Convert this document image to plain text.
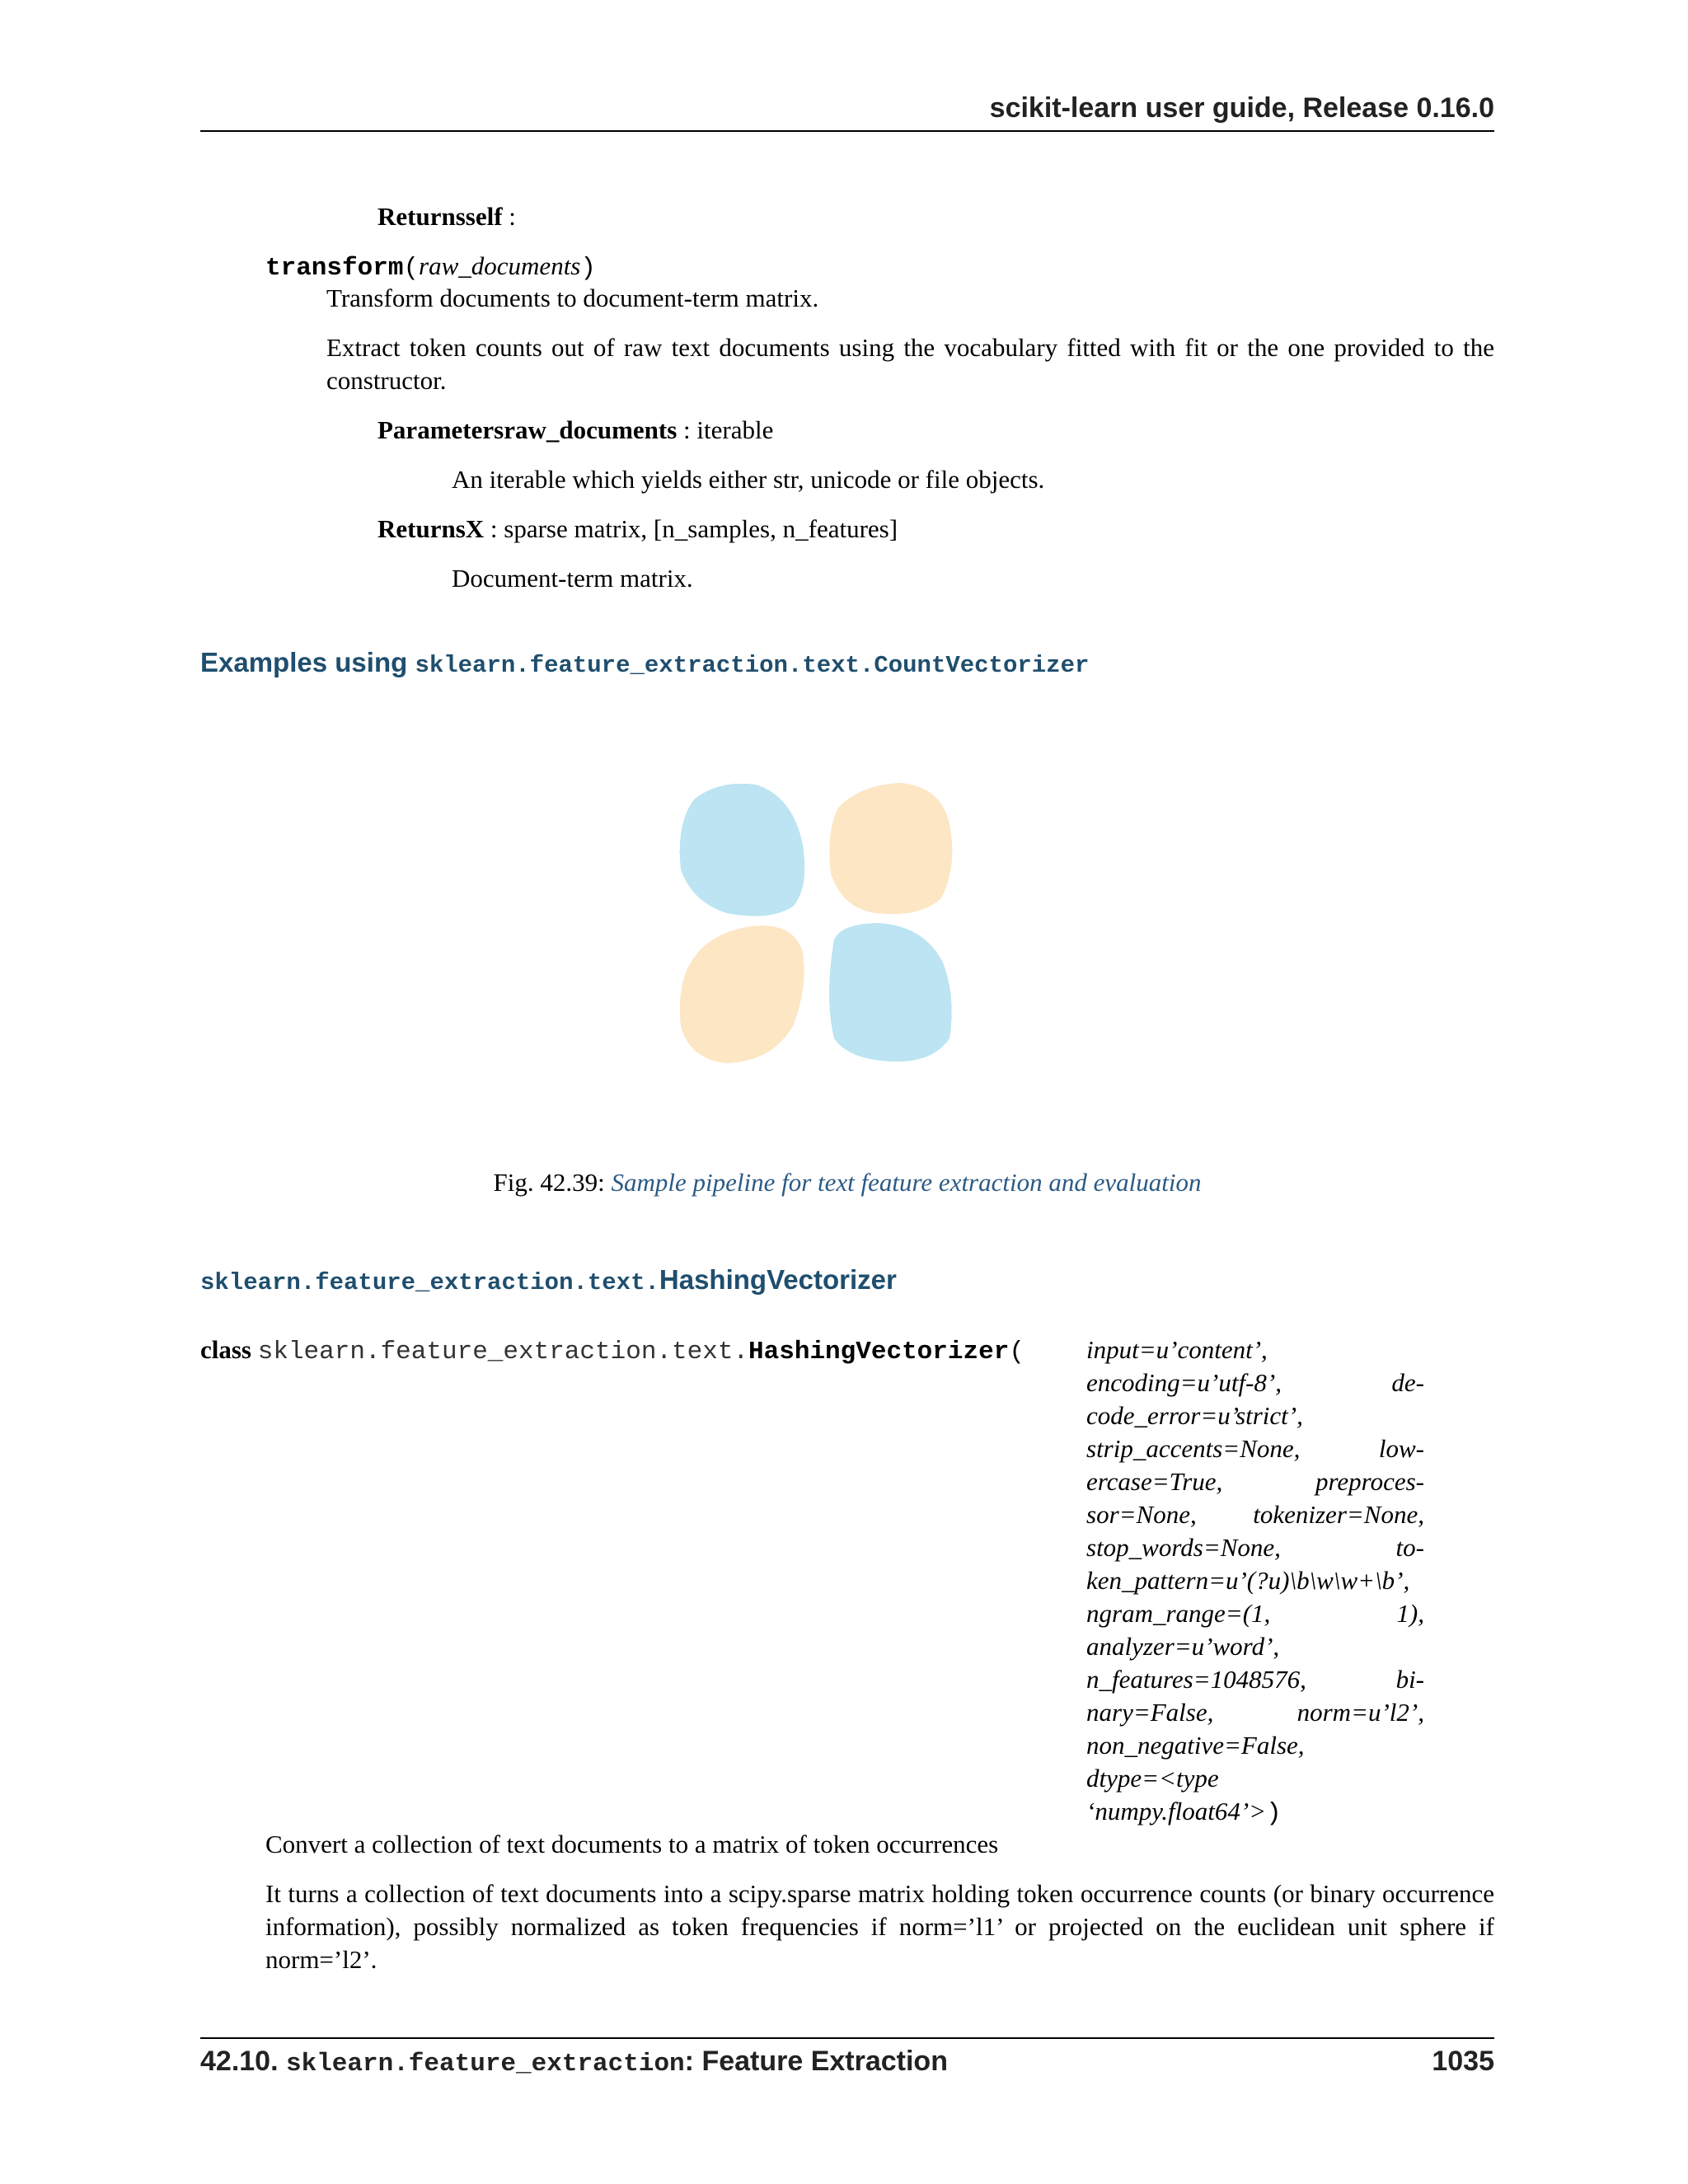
scikit-learn user guide, Release 0.16.0
Returnsself :
transform(raw_documents)
Transform documents to document-term matrix.
Extract token counts out of raw text documents using the vocabulary fitted with fit or the one provided to the constructor.
Parametersraw_documents : iterable
An iterable which yields either str, unicode or file objects.
ReturnsX : sparse matrix, [n_samples, n_features]
Document-term matrix.
Examples using sklearn.feature_extraction.text.CountVectorizer
Fig. 42.39: Sample pipeline for text feature extraction and evaluation
sklearn.feature_extraction.text.HashingVectorizer
class sklearn.feature_extraction.text.HashingVectorizer( input=u’content’,
encoding=u’utf-8’, de-
code_error=u’strict’,
strip_accents=None, low-
ercase=True, preproces-
sor=None, tokenizer=None,
stop_words=None, to-
ken_pattern=u’(?u)\b\w\w+\b’,
ngram_range=(1, 1),
analyzer=u’word’,
n_features=1048576, bi-
nary=False, norm=u’l2’,
non_negative=False,
dtype=<type
‘numpy.float64’>)
Convert a collection of text documents to a matrix of token occurrences
It turns a collection of text documents into a scipy.sparse matrix holding token occurrence counts (or binary occurrence information), possibly normalized as token frequencies if norm=’l1’ or projected on the euclidean unit sphere if norm=’l2’.
42.10. sklearn.feature_extraction: Feature Extraction	1035
